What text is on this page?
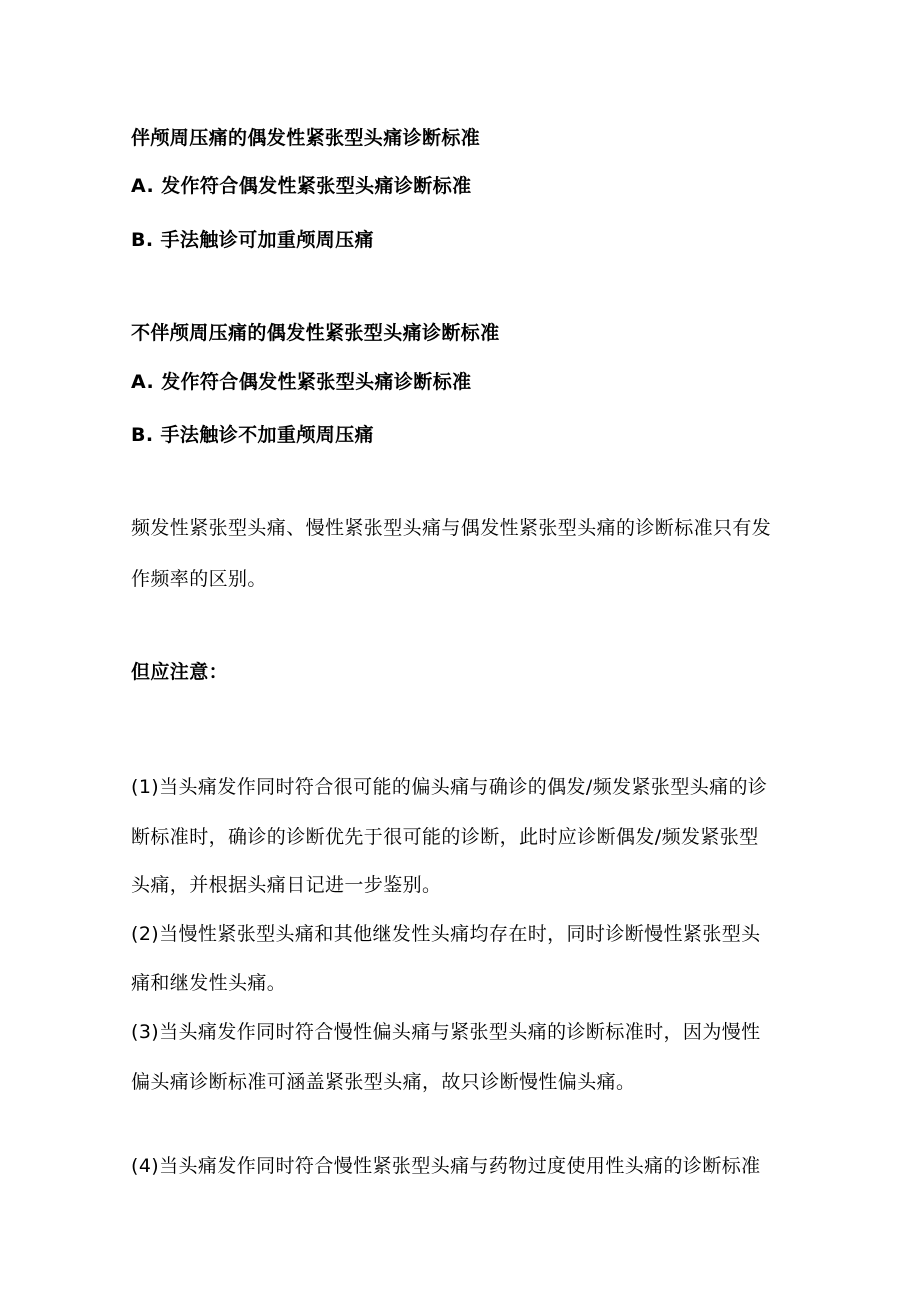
伴颅周压痛的偶发性紧张型头痛诊断标准

A. 发作符合偶发性紧张型头痛诊断标准

B. 手法触诊可加重颅周压痛

不伴颅周压痛的偶发性紧张型头痛诊断标准

A. 发作符合偶发性紧张型头痛诊断标准

B. 手法触诊不加重颅周压痛

频发性紧张型头痛、慢性紧张型头痛与偶发性紧张型头痛的诊断标准只有发

作频率的区别。

但应注意：

(1)当头痛发作同时符合很可能的偏头痛与确诊的偶发/频发紧张型头痛的诊

断标准时，确诊的诊断优先于很可能的诊断，此时应诊断偶发/频发紧张型

头痛，并根据头痛日记进一步鉴别。

(2)当慢性紧张型头痛和其他继发性头痛均存在时，同时诊断慢性紧张型头

痛和继发性头痛。

(3)当头痛发作同时符合慢性偏头痛与紧张型头痛的诊断标准时，因为慢性

偏头痛诊断标准可涵盖紧张型头痛，故只诊断慢性偏头痛。

(4)当头痛发作同时符合慢性紧张型头痛与药物过度使用性头痛的诊断标准
